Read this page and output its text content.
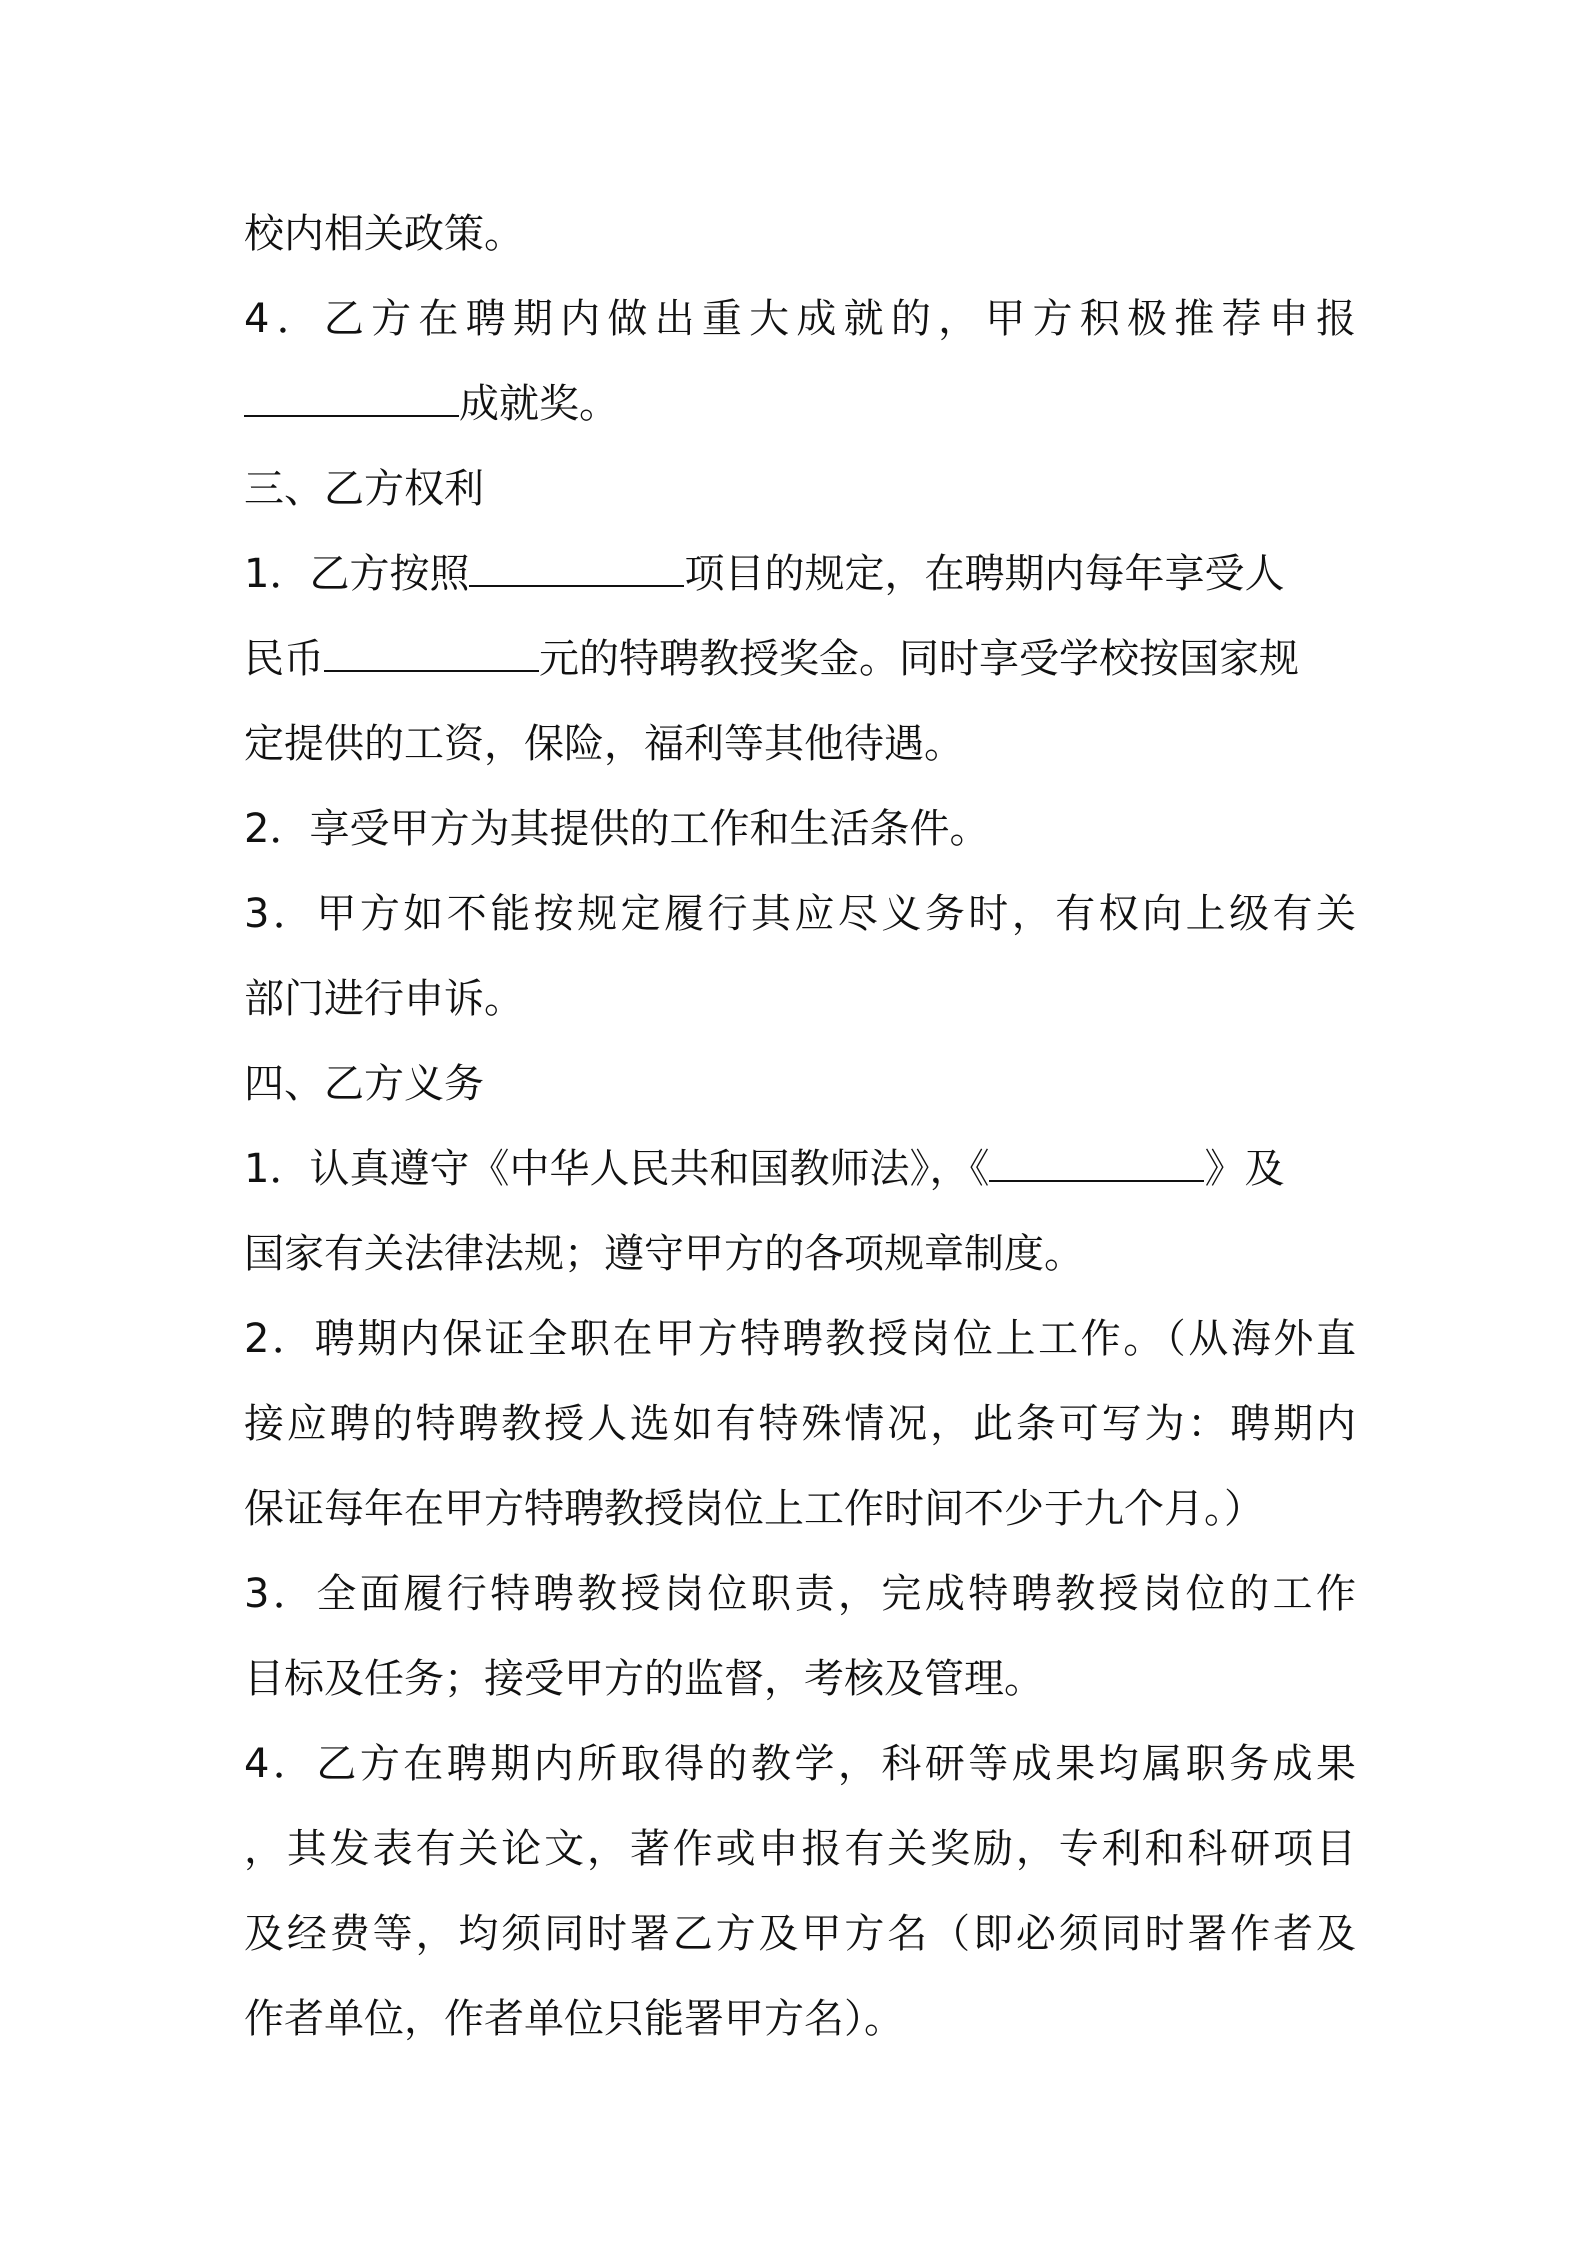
校内相关政策。
4．乙方在聘期内做出重大成就的，甲方积极推荐申报
成就奖。
三、乙方权利
1．乙方按照	项目的规定，在聘期内每年享受人
民币	元的特聘教授奖金。同时享受学校按国家规
定提供的工资，保险，福利等其他待遇。
2．享受甲方为其提供的工作和生活条件。
3．甲方如不能按规定履行其应尽义务时，有权向上级有关
部门进行申诉。
四、乙方义务
1．认真遵守《中华人民共和国教师法》，《	》及
国家有关法律法规；遵守甲方的各项规章制度。
2．聘期内保证全职在甲方特聘教授岗位上工作。（从海外直
接应聘的特聘教授人选如有特殊情况，此条可写为：聘期内
保证每年在甲方特聘教授岗位上工作时间不少于九个月。）
3．全面履行特聘教授岗位职责，完成特聘教授岗位的工作
目标及任务；接受甲方的监督，考核及管理。
4．乙方在聘期内所取得的教学，科研等成果均属职务成果
，其发表有关论文，著作或申报有关奖励，专利和科研项目
及经费等，均须同时署乙方及甲方名（即必须同时署作者及
作者单位，作者单位只能署甲方名）。
